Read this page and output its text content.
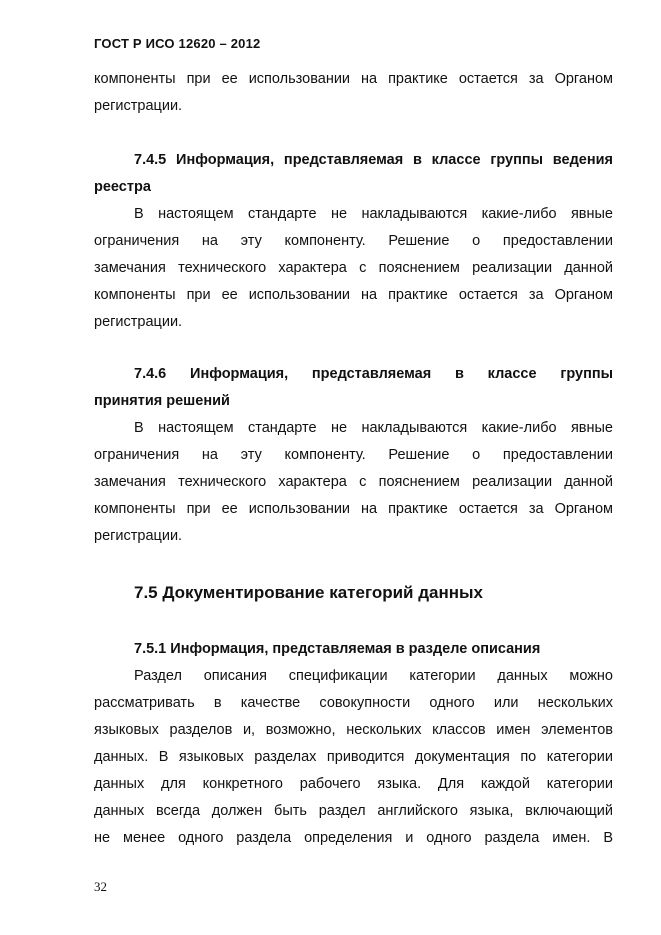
ГОСТ Р ИСО 12620 – 2012
компоненты при ее использовании на практике остается за Органом
регистрации.
7.4.5 Информация, представляемая в классе группы ведения
реестра
В настоящем стандарте не накладываются какие-либо явные
ограничения на эту компоненту. Решение о предоставлении
замечания технического характера с пояснением реализации данной
компоненты при ее использовании на практике остается за Органом
регистрации.
7.4.6 Информация, представляемая в классе группы
принятия решений
В настоящем стандарте не накладываются какие-либо явные
ограничения на эту компоненту. Решение о предоставлении
замечания технического характера с пояснением реализации данной
компоненты при ее использовании на практике остается за Органом
регистрации.
7.5 Документирование категорий данных
7.5.1 Информация, представляемая в разделе описания
Раздел описания спецификации категории данных можно
рассматривать в качестве совокупности одного или нескольких
языковых разделов и, возможно, нескольких классов имен элементов
данных. В языковых разделах приводится документация по категории
данных для конкретного рабочего языка. Для каждой категории
данных всегда должен быть раздел английского языка, включающий
не менее одного раздела определения и одного раздела имен. В
32
